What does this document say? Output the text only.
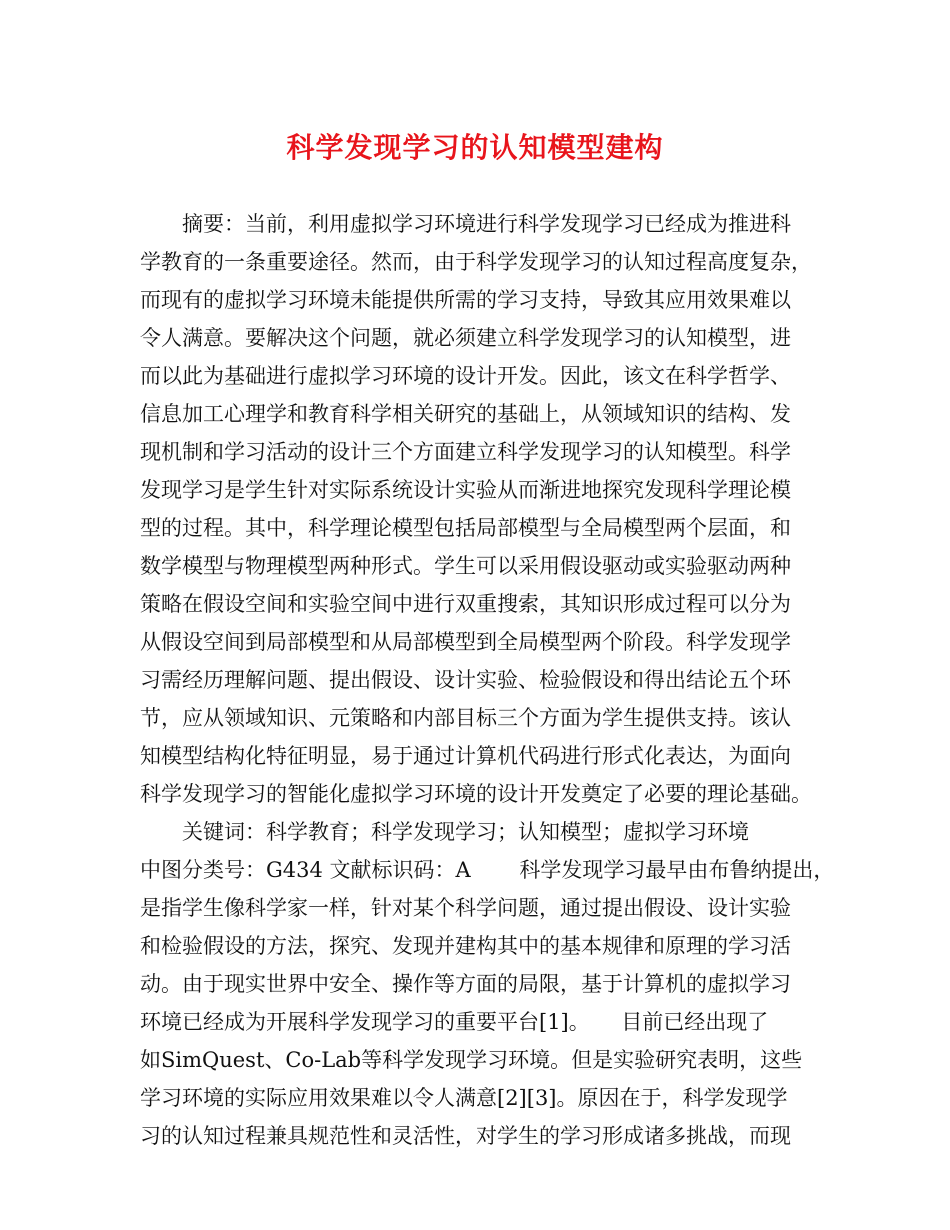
科学发现学习的认知模型建构

　　摘要：当前，利用虚拟学习环境进行科学发现学习已经成为推进科

学教育的一条重要途径。然而，由于科学发现学习的认知过程高度复杂，

而现有的虚拟学习环境未能提供所需的学习支持，导致其应用效果难以

令人满意。要解决这个问题，就必须建立科学发现学习的认知模型，进

而以此为基础进行虚拟学习环境的设计开发。因此，该文在科学哲学、

信息加工心理学和教育科学相关研究的基础上，从领域知识的结构、发

现机制和学习活动的设计三个方面建立科学发现学习的认知模型。科学

发现学习是学生针对实际系统设计实验从而渐进地探究发现科学理论模

型的过程。其中，科学理论模型包括局部模型与全局模型两个层面，和

数学模型与物理模型两种形式。学生可以采用假设驱动或实验驱动两种

策略在假设空间和实验空间中进行双重搜索，其知识形成过程可以分为

从假设空间到局部模型和从局部模型到全局模型两个阶段。科学发现学

习需经历理解问题、提出假设、设计实验、检验假设和得出结论五个环

节，应从领域知识、元策略和内部目标三个方面为学生提供支持。该认

知模型结构化特征明显，易于通过计算机代码进行形式化表达，为面向

科学发现学习的智能化虚拟学习环境的设计开发奠定了必要的理论基础。

　　关键词：科学教育；科学发现学习；认知模型；虚拟学习环境

中图分类号：G434 文献标识码：A 　　科学发现学习最早由布鲁纳提出，

是指学生像科学家一样，针对某个科学问题，通过提出假设、设计实验

和检验假设的方法，探究、发现并建构其中的基本规律和原理的学习活

动。由于现实世界中安全、操作等方面的局限，基于计算机的虚拟学习

环境已经成为开展科学发现学习的重要平台[1]。　　目前已经出现了

如SimQuest、Co-Lab等科学发现学习环境。但是实验研究表明，这些

学习环境的实际应用效果难以令人满意[2][3]。原因在于，科学发现学

习的认知过程兼具规范性和灵活性，对学生的学习形成诸多挑战，而现
